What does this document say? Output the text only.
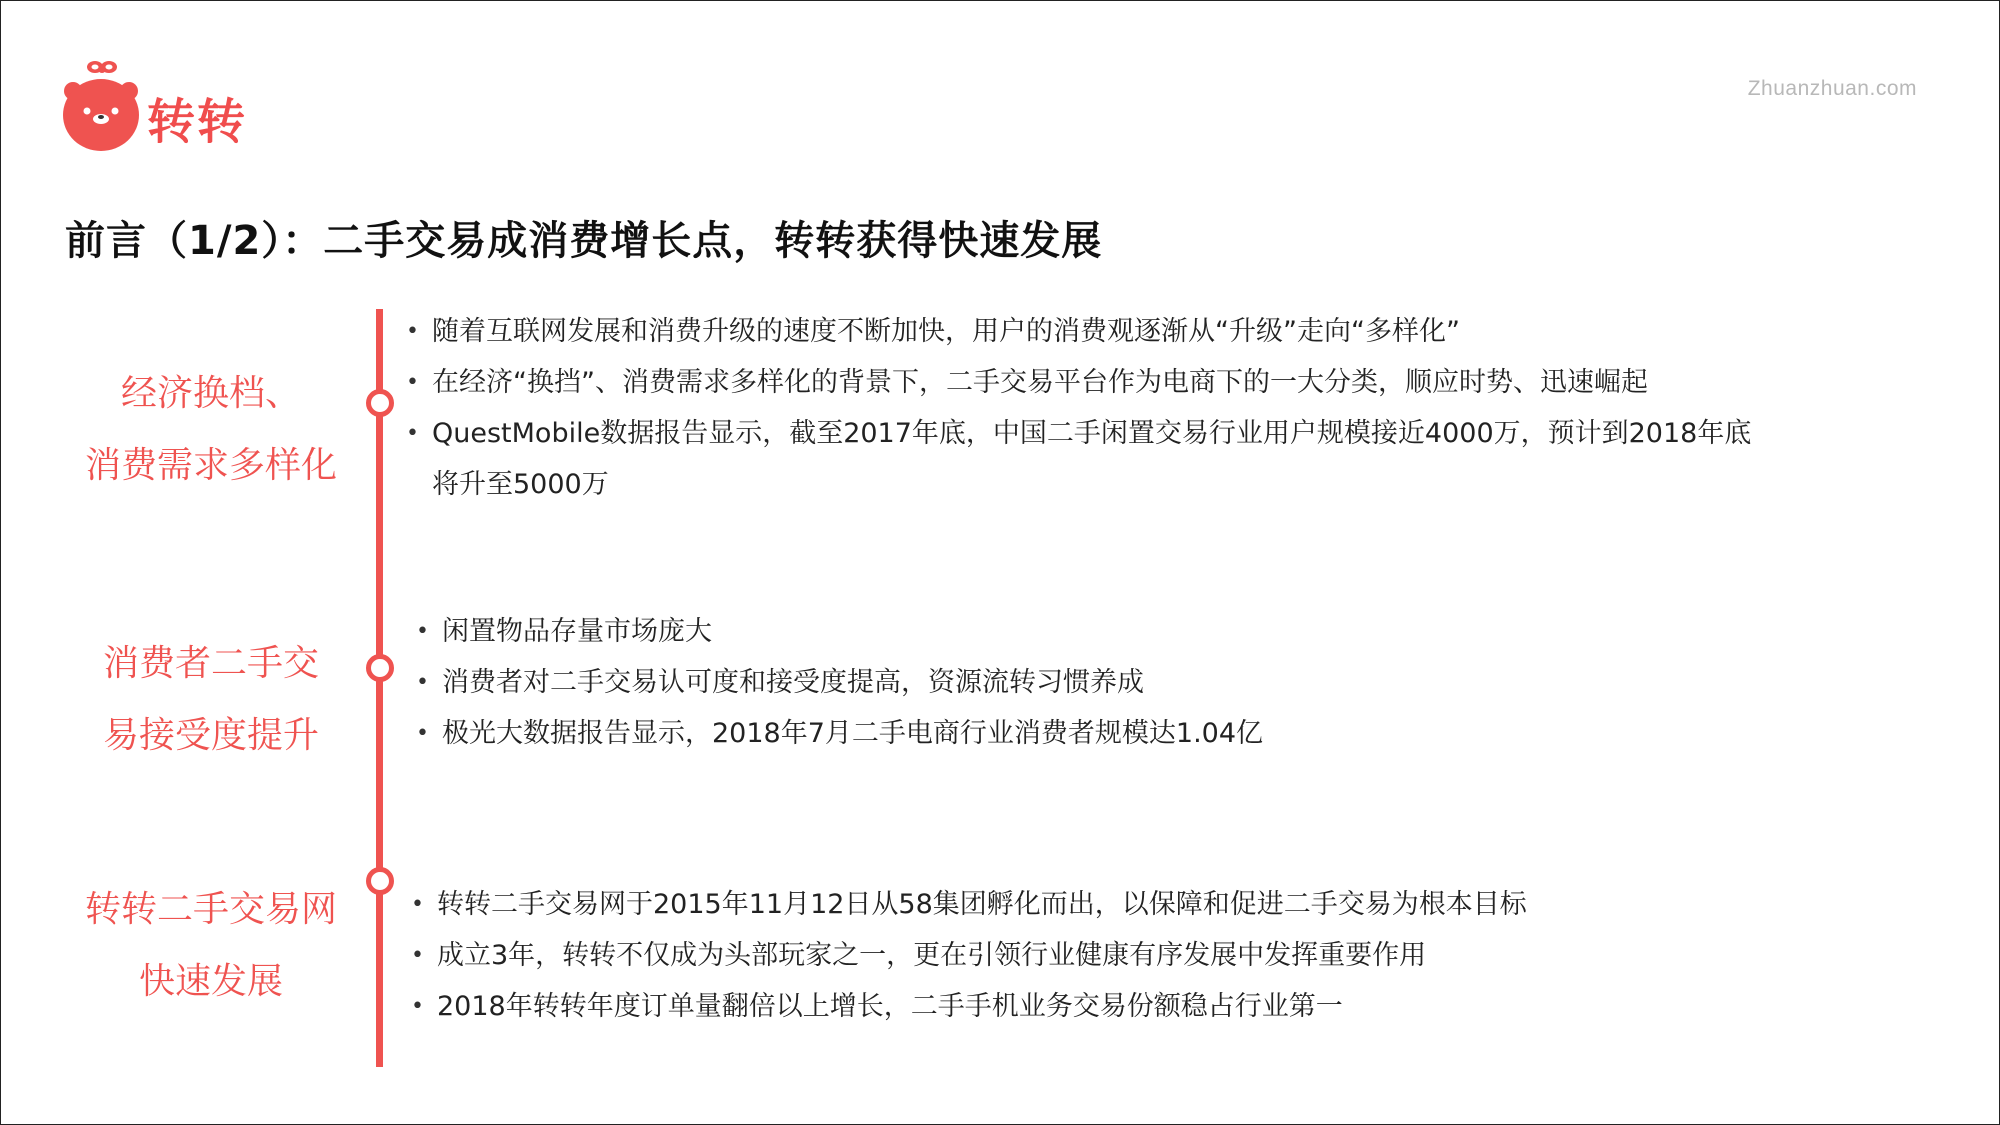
转转
Zhuanzhuan.com
前言（1/2）：二手交易成消费增长点，转转获得快速发展
经济换档、
消费需求多样化
• 随着互联网发展和消费升级的速度不断加快，用户的消费观逐渐从“升级”走向“多样化”
• 在经济“换挡”、消费需求多样化的背景下，二手交易平台作为电商下的一大分类，顺应时势、迅速崛起
• QuestMobile数据报告显示，截至2017年底，中国二手闲置交易行业用户规模接近4000万，预计到2018年底
将升至5000万
消费者二手交
易接受度提升
• 闲置物品存量市场庞大
• 消费者对二手交易认可度和接受度提高，资源流转习惯养成
• 极光大数据报告显示，2018年7月二手电商行业消费者规模达1.04亿
转转二手交易网
快速发展
• 转转二手交易网于2015年11月12日从58集团孵化而出，以保障和促进二手交易为根本目标
• 成立3年，转转不仅成为头部玩家之一，更在引领行业健康有序发展中发挥重要作用
• 2018年转转年度订单量翻倍以上增长，二手手机业务交易份额稳占行业第一
